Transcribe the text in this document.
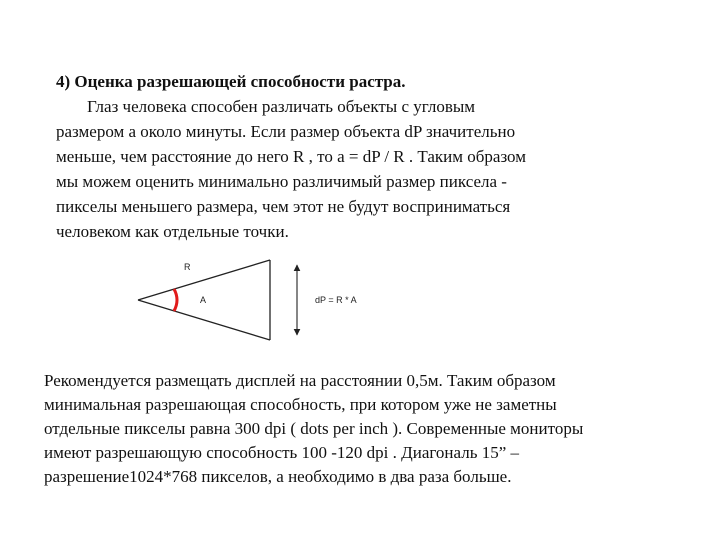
4) Оценка разрешающей способности растра.
Глаз человека способен различать объекты с угловым
размером a около минуты. Если размер объекта dP значительно
меньше, чем расстояние до него R , то a = dP / R . Таким образом
мы можем оценить минимально различимый размер пиксела -
пикселы меньшего размера, чем этот не будут восприниматься
человеком как отдельные точки.
R
A	dP = R * A
Рекомендуется размещать дисплей на расстоянии 0,5м. Таким образом
минимальная разрешающая способность, при котором уже не заметны
отдельные пикселы равна 300 dpi ( dots per inch ). Современные мониторы
имеют разрешающую способность 100 -120 dpi . Диагональ 15” –
разрешение1024*768 пикселов, а необходимо в два раза больше.
